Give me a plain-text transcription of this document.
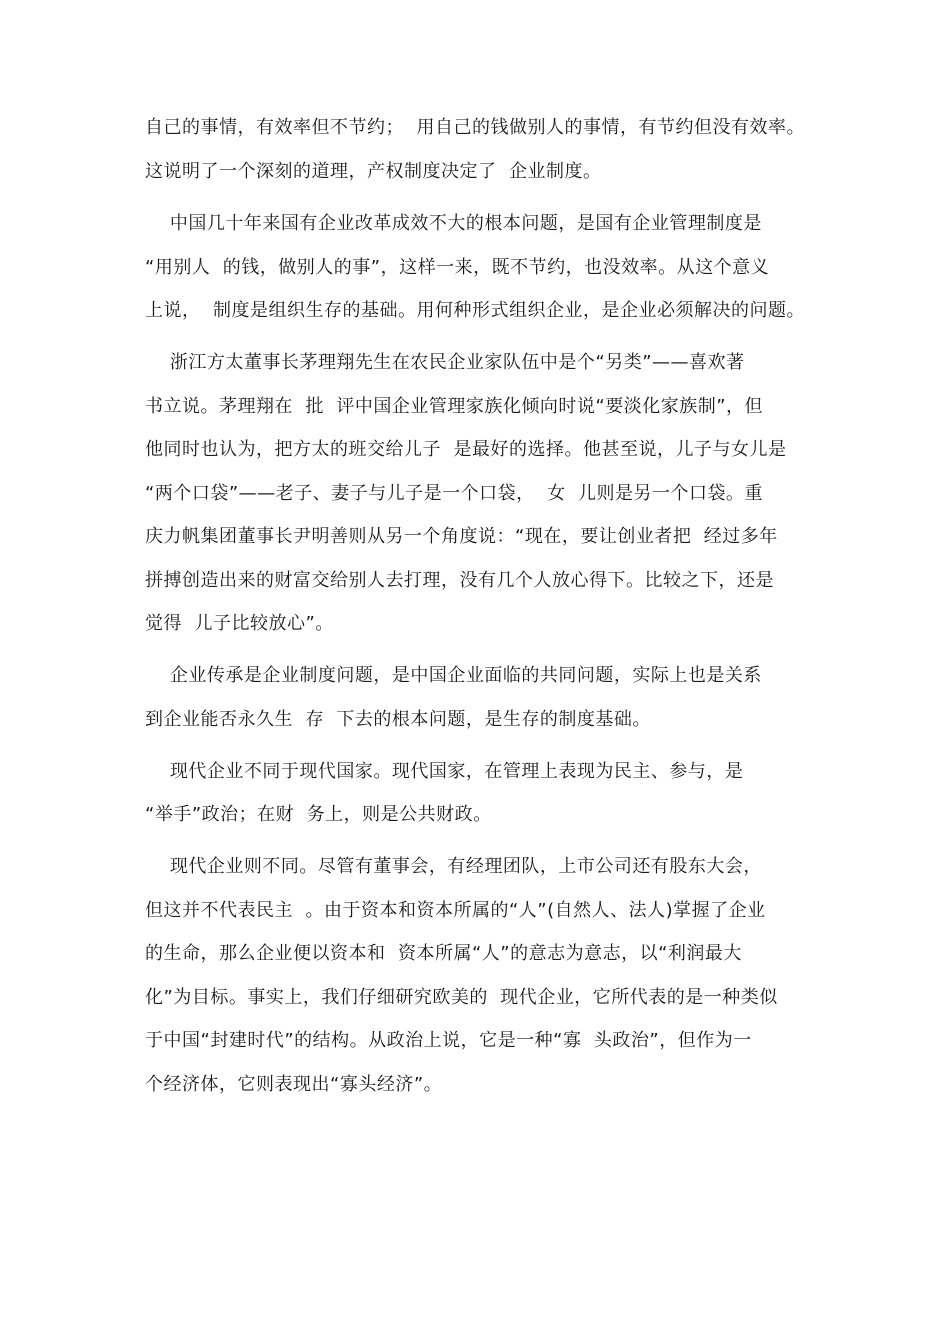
自己的事情，有效率但不节约；  用自己的钱做别人的事情，有节约但没有效率。
这说明了一个深刻的道理，产权制度决定了  企业制度。
中国几十年来国有企业改革成效不大的根本问题，是国有企业管理制度是
“用别人  的钱，做别人的事”，这样一来，既不节约，也没效率。从这个意义
上说，  制度是组织生存的基础。用何种形式组织企业，是企业必须解决的问题。
浙江方太董事长茅理翔先生在农民企业家队伍中是个“另类”——喜欢著
书立说。茅理翔在  批  评中国企业管理家族化倾向时说“要淡化家族制”，但
他同时也认为，把方太的班交给儿子  是最好的选择。他甚至说，儿子与女儿是
“两个口袋”——老子、妻子与儿子是一个口袋，  女  儿则是另一个口袋。重
庆力帆集团董事长尹明善则从另一个角度说：“现在，要让创业者把  经过多年
拼搏创造出来的财富交给别人去打理，没有几个人放心得下。比较之下，还是
觉得  儿子比较放心”。
企业传承是企业制度问题，是中国企业面临的共同问题，实际上也是关系
到企业能否永久生  存  下去的根本问题，是生存的制度基础。
现代企业不同于现代国家。现代国家，在管理上表现为民主、参与，是
“举手”政治；在财  务上，则是公共财政。
现代企业则不同。尽管有董事会，有经理团队，上市公司还有股东大会，
但这并不代表民主  。由于资本和资本所属的“人”(自然人、法人)掌握了企业
的生命，那么企业便以资本和  资本所属“人”的意志为意志，以“利润最大
化”为目标。事实上，我们仔细研究欧美的  现代企业，它所代表的是一种类似
于中国“封建时代”的结构。从政治上说，它是一种“寡  头政治”，但作为一
个经济体，它则表现出“寡头经济”。
